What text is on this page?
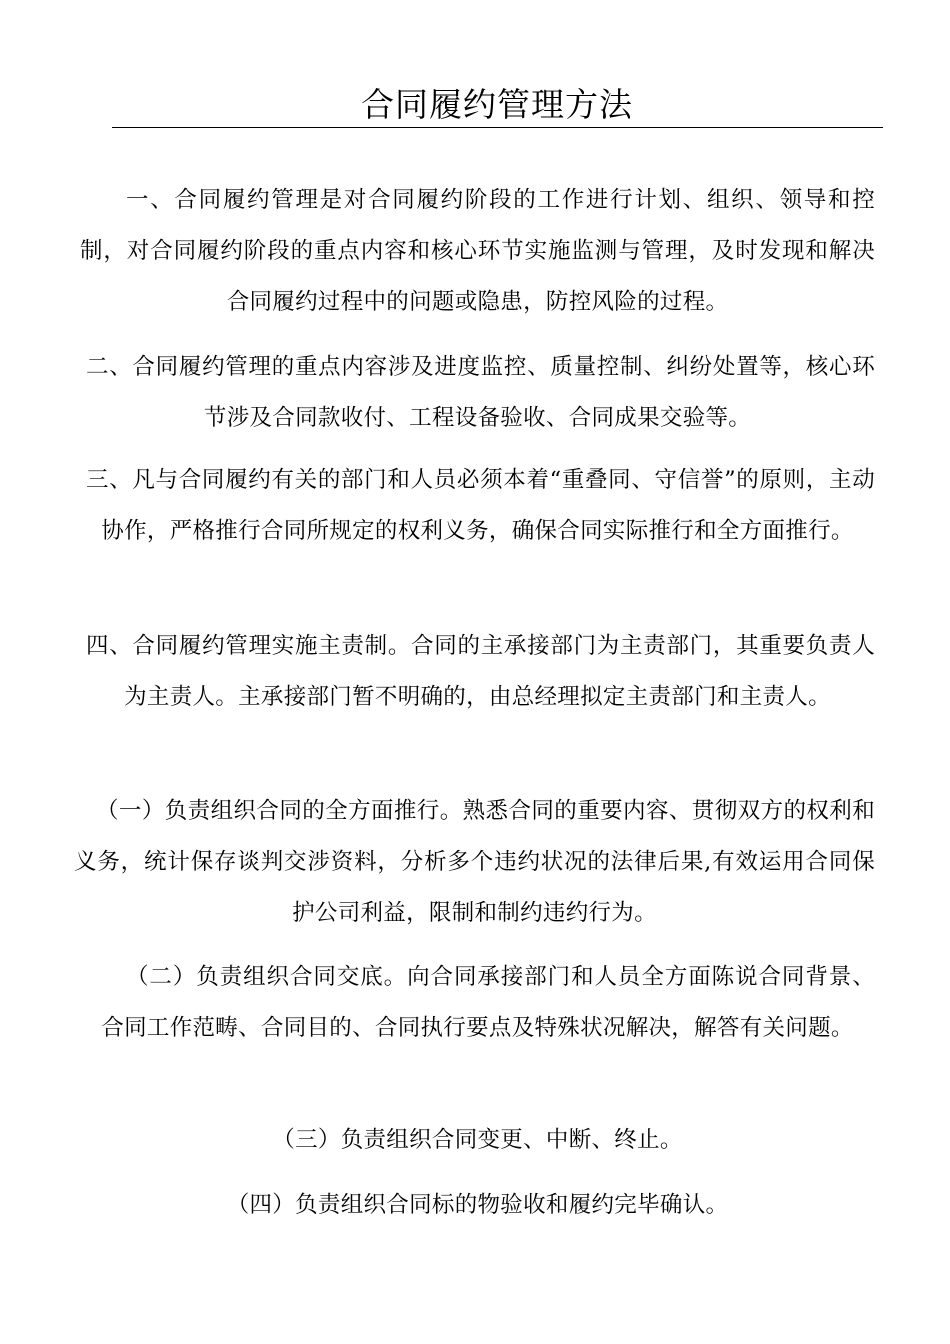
合同履约管理方法

一、合同履约管理是对合同履约阶段的工作进行计划、组织、领导和控制，对合同履约阶段的重点内容和核心环节实施监测与管理，及时发现和解决合同履约过程中的问题或隐患，防控风险的过程。

二、合同履约管理的重点内容涉及进度监控、质量控制、纠纷处置等，核心环节涉及合同款收付、工程设备验收、合同成果交验等。

三、凡与合同履约有关的部门和人员必须本着“重叠同、守信誉”的原则，主动协作，严格推行合同所规定的权利义务，确保合同实际推行和全方面推行。

四、合同履约管理实施主责制。合同的主承接部门为主责部门，其重要负责人为主责人。主承接部门暂不明确的，由总经理拟定主责部门和主责人。

（一）负责组织合同的全方面推行。熟悉合同的重要内容、贯彻双方的权利和义务，统计保存谈判交涉资料，分析多个违约状况的法律后果,有效运用合同保护公司利益，限制和制约违约行为。

（二）负责组织合同交底。向合同承接部门和人员全方面陈说合同背景、合同工作范畴、合同目的、合同执行要点及特殊状况解决，解答有关问题。

（三）负责组织合同变更、中断、终止。

（四）负责组织合同标的物验收和履约完毕确认。
